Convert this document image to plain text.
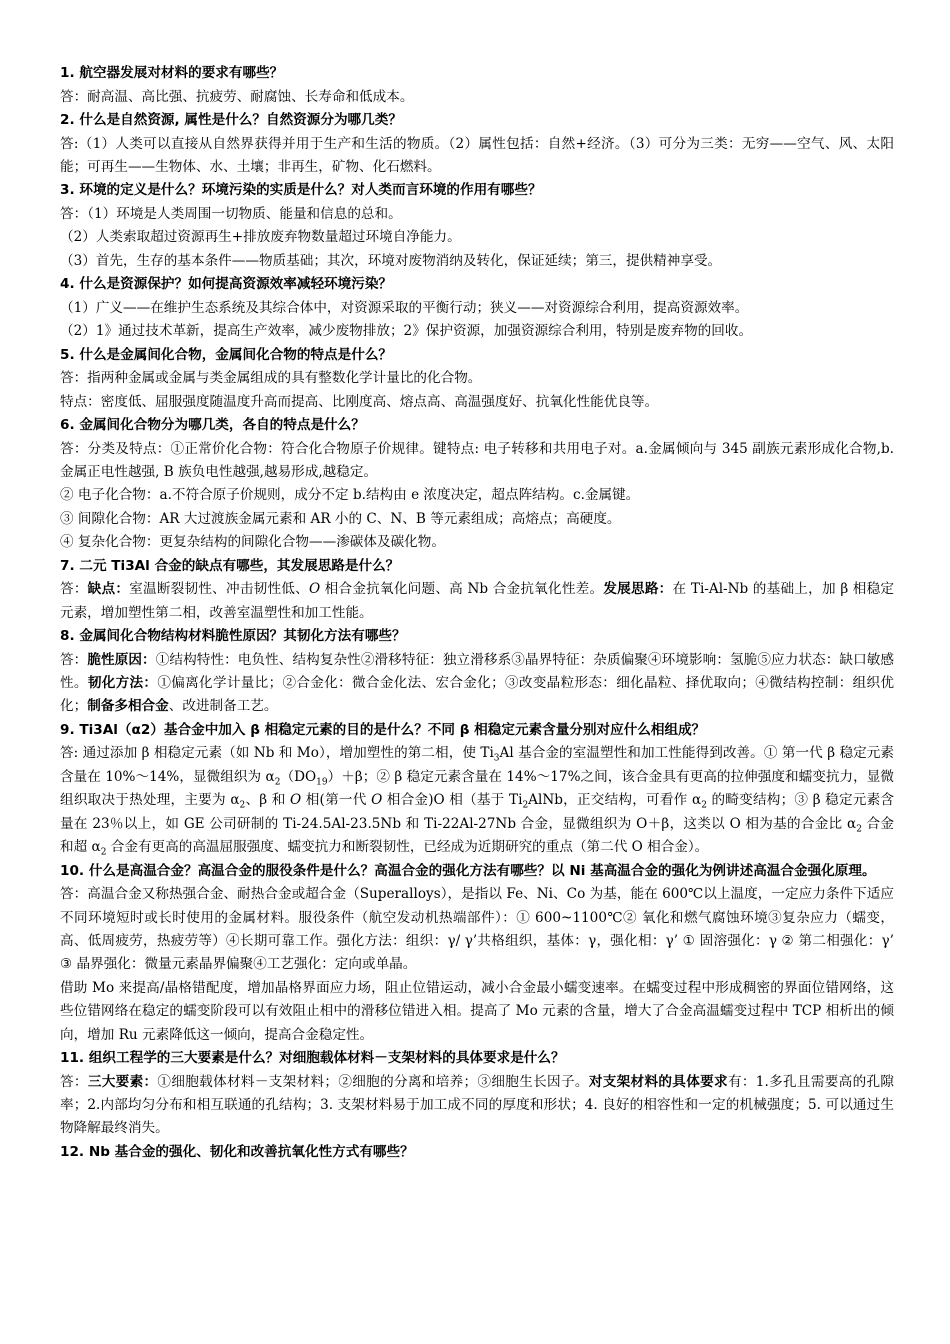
1. 航空器发展对材料的要求有哪些？

答：耐高温、高比强、抗疲劳、耐腐蚀、长寿命和低成本。

2. 什么是自然资源, 属性是什么？自然资源分为哪几类？

答:（1）人类可以直接从自然界获得并用于生产和生活的物质。（2）属性包括：自然+经济。（3）可分为三类：无穷——空气、风、太阳能；可再生——生物体、水、土壤；非再生，矿物、化石燃料。

3. 环境的定义是什么？环境污染的实质是什么？对人类而言环境的作用有哪些？

答：（1）环境是人类周围一切物质、能量和信息的总和。

（2）人类索取超过资源再生+排放废弃物数量超过环境自净能力。

（3）首先，生存的基本条件——物质基础；其次，环境对废物消纳及转化，保证延续；第三，提供精神享受。

4. 什么是资源保护？如何提高资源效率减轻环境污染？

（1）广义——在维护生态系统及其综合体中，对资源采取的平衡行动；狭义——对资源综合利用，提高资源效率。

（2）1》通过技术革新，提高生产效率，减少废物排放；2》保护资源，加强资源综合利用，特别是废弃物的回收。

5. 什么是金属间化合物，金属间化合物的特点是什么？

答：指两种金属或金属与类金属组成的具有整数化学计量比的化合物。

特点：密度低、屈服强度随温度升高而提高、比刚度高、熔点高、高温强度好、抗氧化性能优良等。

6. 金属间化合物分为哪几类，各自的特点是什么？

答：分类及特点：①正常价化合物：符合化合物原子价规律。键特点: 电子转移和共用电子对。a.金属倾向与 345 副族元素形成化合物,b.金属正电性越强, B 族负电性越强,越易形成,越稳定。

② 电子化合物：a.不符合原子价规则，成分不定 b.结构由 e 浓度决定，超点阵结构。c.金属键。

③ 间隙化合物：AR 大过渡族金属元素和 AR 小的 C、N、B 等元素组成；高熔点；高硬度。

④ 复杂化合物：更复杂结构的间隙化合物——渗碳体及碳化物。

7. 二元 Ti3Al 合金的缺点有哪些，其发展思路是什么？

答：缺点：室温断裂韧性、冲击韧性低、O 相合金抗氧化问题、高 Nb 合金抗氧化性差。发展思路：在 Ti-Al-Nb 的基础上，加 β 相稳定元素，增加塑性第二相，改善室温塑性和加工性能。

8. 金属间化合物结构材料脆性原因？其韧化方法有哪些？

答：脆性原因：①结构特性：电负性、结构复杂性②滑移特征：独立滑移系③晶界特征：杂质偏聚④环境影响：氢脆⑤应力状态：缺口敏感性。韧化方法：①偏离化学计量比；②合金化：微合金化法、宏合金化；③改变晶粒形态：细化晶粒、择优取向；④微结构控制：组织优化；制备多相合金、改进制备工艺。

9. Ti3Al（α2）基合金中加入 β 相稳定元素的目的是什么？不同 β 相稳定元素含量分别对应什么相组成？

答: 通过添加 β 相稳定元素（如 Nb 和 Mo），增加塑性的第二相，使 $Ti_3Al$ 基合金的室温塑性和加工性能得到改善。① 第一代 β 稳定元素含量在 10%～14%，显微组织为 $\alpha_2(DO_{19})+\beta$；② β 稳定元素含量在 14%～17%之间，该合金具有更高的拉伸强度和蠕变抗力，显微组织取决于热处理，主要为 $\alpha_2$、β 和 O 相(第一代 O 相合金)O 相（基于 $Ti_2AlNb$，正交结构，可看作 $\alpha_2$ 的畸变结构；③ β 稳定元素含量在 23％以上，如 GE 公司研制的 Ti-24.5Al-23.5Nb 和 Ti-22Al-27Nb 合金，显微组织为 O＋β，这类以 O 相为基的合金比 $\alpha_2$ 合金和超 $\alpha_2$ 合金有更高的高温屈服强度、蠕变抗力和断裂韧性，已经成为近期研究的重点（第二代 O 相合金）。

10. 什么是高温合金？高温合金的服役条件是什么？高温合金的强化方法有哪些？以 Ni 基高温合金的强化为例讲述高温合金强化原理。

答：高温合金又称热强合金、耐热合金或超合金（Superalloys），是指以 Fe、Ni、Co 为基，能在 600℃以上温度，一定应力条件下适应不同环境短时或长时使用的金属材料。服役条件（航空发动机热端部件）：① 600~1100℃② 氧化和燃气腐蚀环境③复杂应力（蠕变，高、低周疲劳，热疲劳等）④长期可靠工作。强化方法：组织：γ/ γ’共格组织，基体：γ，强化相：γ’ ① 固溶强化：γ ② 第二相强化：γ’ ③ 晶界强化：微量元素晶界偏聚④工艺强化：定向或单晶。

借助 Mo 来提高/晶格错配度，增加晶格界面应力场，阻止位错运动，减小合金最小蠕变速率。在蠕变过程中形成稠密的界面位错网络，这些位错网络在稳定的蠕变阶段可以有效阻止相中的滑移位错进入相。提高了 Mo 元素的含量，增大了合金高温蠕变过程中 TCP 相析出的倾向，增加 Ru 元素降低这一倾向，提高合金稳定性。

11. 组织工程学的三大要素是什么？对细胞载体材料－支架材料的具体要求是什么？

答：三大要素：①细胞载体材料－支架材料；②细胞的分离和培养；③细胞生长因子。对支架材料的具体要求有：1.多孔且需要高的孔隙率；2.内部均匀分布和相互联通的孔结构；3. 支架材料易于加工成不同的厚度和形状；4. 良好的相容性和一定的机械强度；5. 可以通过生物降解最终消失。

12. Nb 基合金的强化、韧化和改善抗氧化性方式有哪些？
